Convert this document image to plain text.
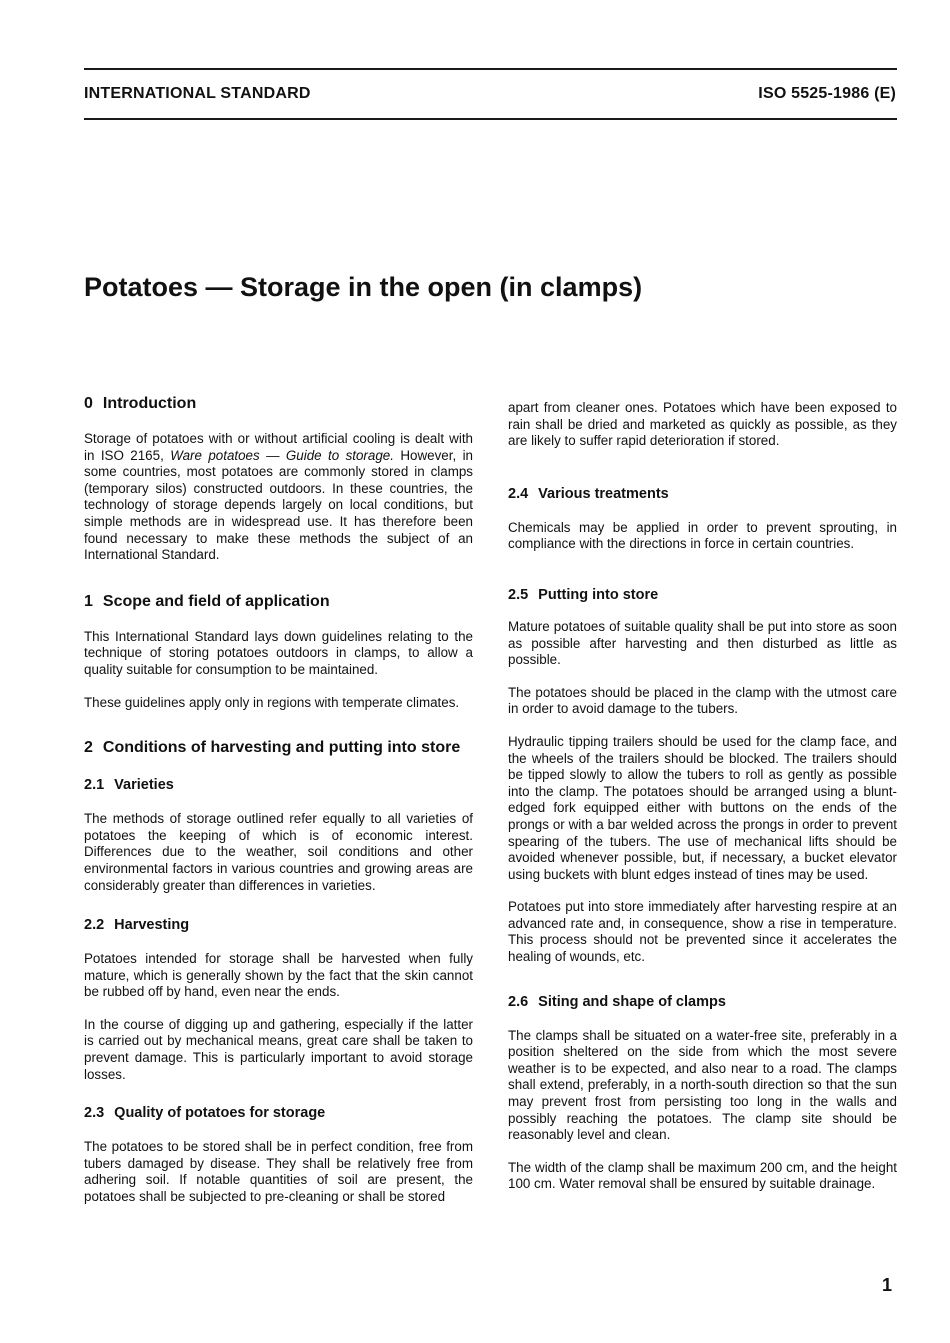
INTERNATIONAL STANDARD	ISO 5525-1986 (E)
Potatoes — Storage in the open (in clamps)
0 Introduction

Storage of potatoes with or without artificial cooling is dealt with in ISO 2165, Ware potatoes — Guide to storage. However, in some countries, most potatoes are commonly stored in clamps (temporary silos) constructed outdoors. In these countries, the technology of storage depends largely on local conditions, but simple methods are in widespread use. It has therefore been found necessary to make these methods the subject of an International Standard.

1 Scope and field of application

This International Standard lays down guidelines relating to the technique of storing potatoes outdoors in clamps, to allow a quality suitable for consumption to be maintained.

These guidelines apply only in regions with temperate climates.

2 Conditions of harvesting and putting into store
2.1 Varieties

The methods of storage outlined refer equally to all varieties of potatoes the keeping of which is of economic interest. Differences due to the weather, soil conditions and other environmental factors in various countries and growing areas are considerably greater than differences in varieties.

2.2 Harvesting

Potatoes intended for storage shall be harvested when fully mature, which is generally shown by the fact that the skin cannot be rubbed off by hand, even near the ends.

In the course of digging up and gathering, especially if the latter is carried out by mechanical means, great care shall be taken to prevent damage. This is particularly important to avoid storage losses.

2.3 Quality of potatoes for storage

The potatoes to be stored shall be in perfect condition, free from tubers damaged by disease. They shall be relatively free from adhering soil. If notable quantities of soil are present, the potatoes shall be subjected to pre-cleaning or shall be stored

apart from cleaner ones. Potatoes which have been exposed to rain shall be dried and marketed as quickly as possible, as they are likely to suffer rapid deterioration if stored.

2.4 Various treatments

Chemicals may be applied in order to prevent sprouting, in compliance with the directions in force in certain countries.

2.5 Putting into store

Mature potatoes of suitable quality shall be put into store as soon as possible after harvesting and then disturbed as little as possible.

The potatoes should be placed in the clamp with the utmost care in order to avoid damage to the tubers.

Hydraulic tipping trailers should be used for the clamp face, and the wheels of the trailers should be blocked. The trailers should be tipped slowly to allow the tubers to roll as gently as possible into the clamp. The potatoes should be arranged using a blunt-edged fork equipped either with buttons on the ends of the prongs or with a bar welded across the prongs in order to prevent spearing of the tubers. The use of mechanical lifts should be avoided whenever possible, but, if necessary, a bucket elevator using buckets with blunt edges instead of tines may be used.

Potatoes put into store immediately after harvesting respire at an advanced rate and, in consequence, show a rise in temperature. This process should not be prevented since it accelerates the healing of wounds, etc.

2.6 Siting and shape of clamps

The clamps shall be situated on a water-free site, preferably in a position sheltered on the side from which the most severe weather is to be expected, and also near to a road. The clamps shall extend, preferably, in a north-south direction so that the sun may prevent frost from persisting too long in the walls and possibly reaching the potatoes. The clamp site should be reasonably level and clean.

The width of the clamp shall be maximum 200 cm, and the height 100 cm. Water removal shall be ensured by suitable drainage.

1
